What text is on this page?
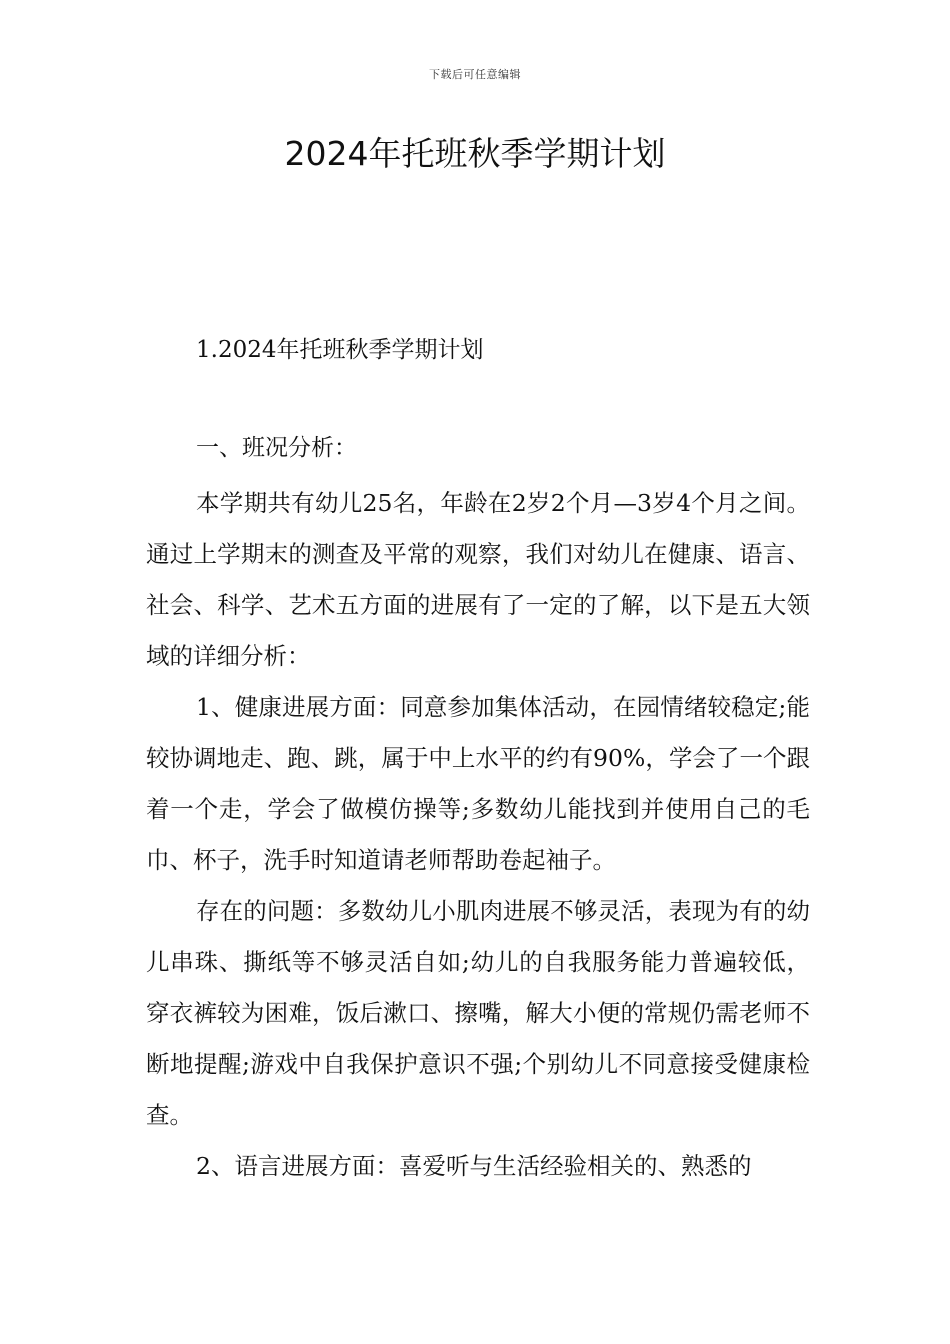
下载后可任意编辑
2024年托班秋季学期计划
1.2024年托班秋季学期计划
一、班况分析：

本学期共有幼儿25名，年龄在2岁2个月—3岁4个月之间。通过上学期末的测查及平常的观察，我们对幼儿在健康、语言、社会、科学、艺术五方面的进展有了一定的了解，以下是五大领域的详细分析：

1、健康进展方面：同意参加集体活动，在园情绪较稳定;能较协调地走、跑、跳，属于中上水平的约有90%，学会了一个跟着一个走，学会了做模仿操等;多数幼儿能找到并使用自己的毛巾、杯子，洗手时知道请老师帮助卷起袖子。

存在的问题：多数幼儿小肌肉进展不够灵活，表现为有的幼儿串珠、撕纸等不够灵活自如;幼儿的自我服务能力普遍较低，穿衣裤较为困难，饭后漱口、擦嘴，解大小便的常规仍需老师不断地提醒;游戏中自我保护意识不强;个别幼儿不同意接受健康检查。

2、语言进展方面：喜爱听与生活经验相关的、熟悉的
